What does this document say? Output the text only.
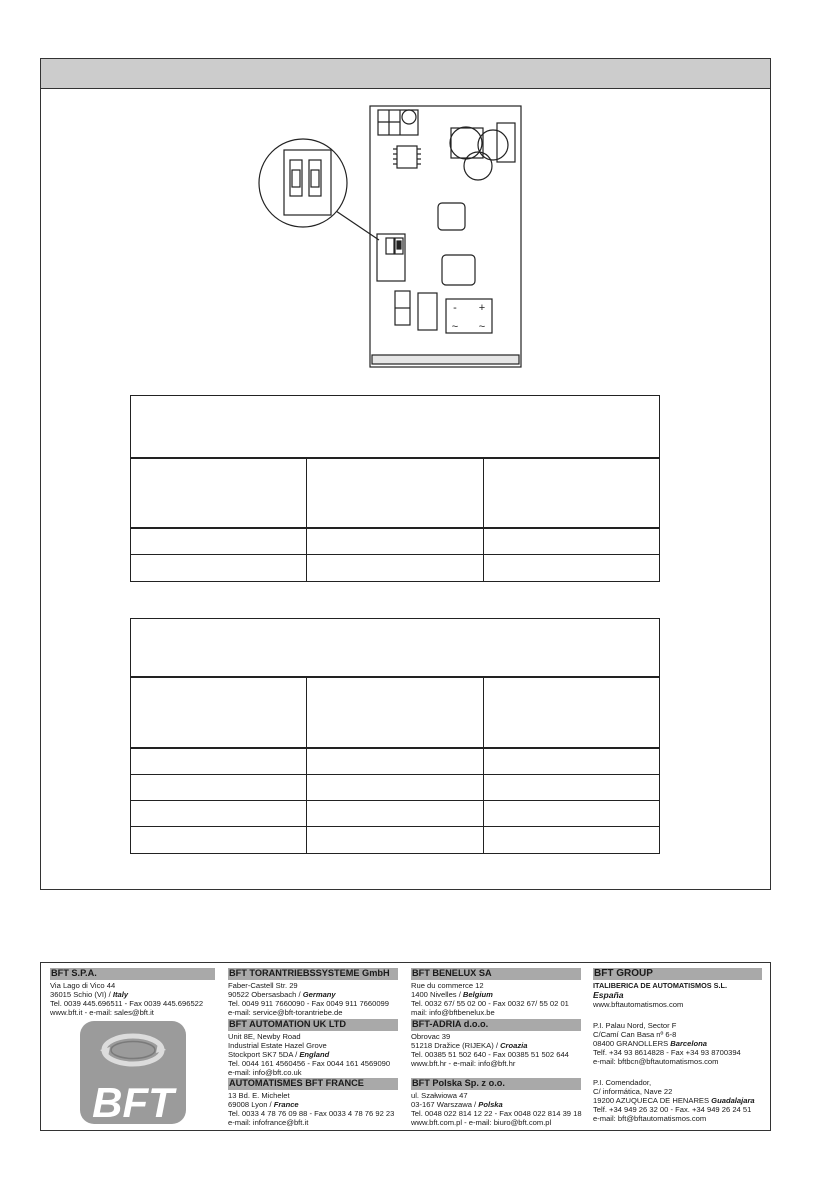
- +
~ ~

BFT S.P.A.
Via Lago di Vico 44
36015 Schio (VI) / Italy
Tel. 0039 445.696511 - Fax 0039 445.696522
www.bft.it - e-mail: sales@bft.it
BFT
BFT TORANTRIEBSSYSTEME GmbH
Faber-Castell Str. 29
90522 Obersasbach / Germany
Tel. 0049 911 7660090 - Fax 0049 911 7660099
e-mail: service@bft-torantriebe.de
BFT AUTOMATION UK LTD
Unit 8E, Newby Road
Industrial Estate Hazel Grove
Stockport SK7 5DA / England
Tel. 0044 161 4560456 - Fax 0044 161 4569090
e-mail: info@bft.co.uk
AUTOMATISMES BFT FRANCE
13 Bd. E. Michelet
69008 Lyon / France
Tel. 0033 4 78 76 09 88 - Fax 0033 4 78 76 92 23
e-mail: infofrance@bft.it
BFT BENELUX SA
Rue du commerce 12
1400 Nivelles / Belgium
Tel. 0032 67/ 55 02 00 - Fax 0032 67/ 55 02 01
mail: info@bftbenelux.be
BFT-ADRIA d.o.o.
Obrovac 39
51218 Dražice (RIJEKA) / Croazia
Tel. 00385 51 502 640 - Fax 00385 51 502 644
www.bft.hr - e-mail: info@bft.hr
BFT Polska Sp. z o.o.
ul. Szałwiowa 47
03-167 Warszawa / Polska
Tel. 0048 022 814 12 22 - Fax 0048 022 814 39 18
www.bft.com.pl - e-mail: biuro@bft.com.pl
BFT GROUP
ITALIBERICA DE AUTOMATISMOS S.L.
España
www.bftautomatismos.com
P.I. Palau Nord, Sector F
C/Camí Can Basa nº 6-8
08400 GRANOLLERS Barcelona
Telf. +34 93 8614828 - Fax +34 93 8700394
e-mail: bftbcn@bftautomatismos.com
P.I. Comendador,
C/ informática, Nave 22
19200 AZUQUECA DE HENARES Guadalajara
Telf. +34 949 26 32 00 - Fax. +34 949 26 24 51
e-mail: bft@bftautomatismos.com
